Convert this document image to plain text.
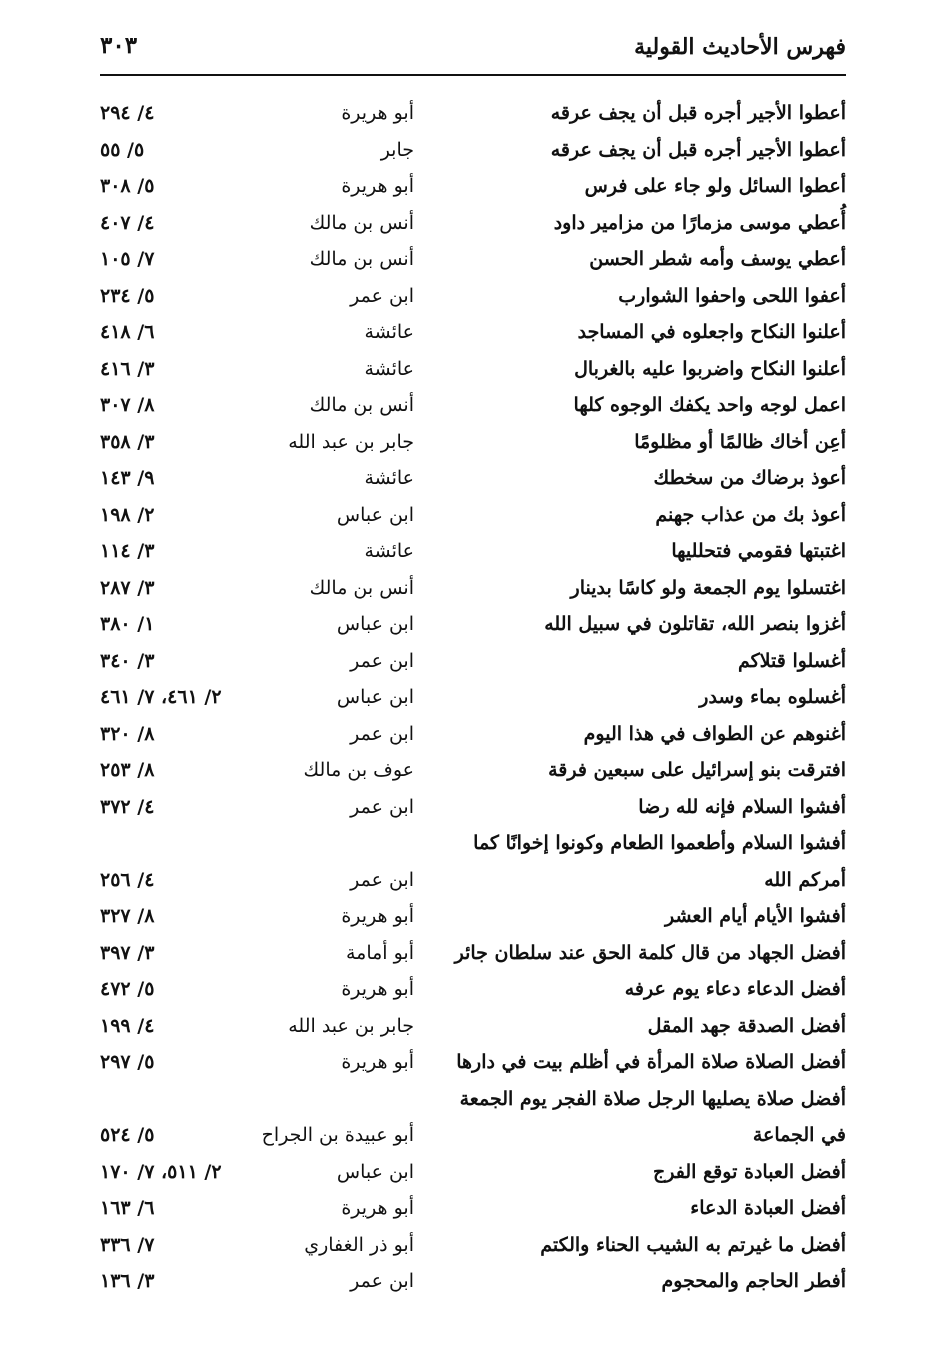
فهرس الأحاديث القولية
٣٠٣
أعطوا الأجير أجره قبل أن يجف عرقه
أبو هريرة
٤/ ٢٩٤
أعطوا الأجير أجره قبل أن يجف عرقه
جابر
٥/ ٥٥
أعطوا السائل ولو جاء على فرس
أبو هريرة
٥/ ٣٠٨
أُعطي موسى مزمارًا من مزامير داود
أنس بن مالك
٤/ ٤٠٧
أعطي يوسف وأمه شطر الحسن
أنس بن مالك
٧/ ١٠٥
أعفوا اللحى واحفوا الشوارب
ابن عمر
٥/ ٢٣٤
أعلنوا النكاح واجعلوه في المساجد
عائشة
٦/ ٤١٨
أعلنوا النكاح واضربوا عليه بالغربال
عائشة
٣/ ٤١٦
اعمل لوجه واحد يكفك الوجوه كلها
أنس بن مالك
٨/ ٣٠٧
أعِن أخاك ظالمًا أو مظلومًا
جابر بن عبد الله
٣/ ٣٥٨
أعوذ برضاك من سخطك
عائشة
٩/ ١٤٣
أعوذ بك من عذاب جهنم
ابن عباس
٢/ ١٩٨
اغتبتها فقومي فتحلليها
عائشة
٣/ ١١٤
اغتسلوا يوم الجمعة ولو كاسًا بدينار
أنس بن مالك
٣/ ٢٨٧
أغزوا بنصر الله، تقاتلون في سبيل الله
ابن عباس
١/ ٣٨٠
أغسلوا قتلاكم
ابن عمر
٣/ ٣٤٠
أغسلوه بماء وسدر
ابن عباس
٢/ ٤٦١، ٧/ ٤٦١
أغنوهم عن الطواف في هذا اليوم
ابن عمر
٨/ ٣٢٠
افترقت بنو إسرائيل على سبعين فرقة
عوف بن مالك
٨/ ٢٥٣
أفشوا السلام فإنه لله رضا
ابن عمر
٤/ ٣٧٢
أفشوا السلام وأطعموا الطعام وكونوا إخوانًا كما
أمركم الله
ابن عمر
٤/ ٢٥٦
أفشوا الأيام أيام العشر
أبو هريرة
٨/ ٣٢٧
أفضل الجهاد من قال كلمة الحق عند سلطان جائر
أبو أمامة
٣/ ٣٩٧
أفضل الدعاء دعاء يوم عرفه
أبو هريرة
٥/ ٤٧٢
أفضل الصدقة جهد المقل
جابر بن عبد الله
٤/ ١٩٩
أفضل الصلاة صلاة المرأة في أظلم بيت في دارها
أبو هريرة
٥/ ٢٩٧
أفضل صلاة يصليها الرجل صلاة الفجر يوم الجمعة
في الجماعة
أبو عبيدة بن الجراح
٥/ ٥٢٤
أفضل العبادة توقع الفرج
ابن عباس
٢/ ٥١١، ٧/ ١٧٠
أفضل العبادة الدعاء
أبو هريرة
٦/ ١٦٣
أفضل ما غيرتم به الشيب الحناء والكتم
أبو ذر الغفاري
٧/ ٣٣٦
أفطر الحاجم والمحجوم
ابن عمر
٣/ ١٣٦
